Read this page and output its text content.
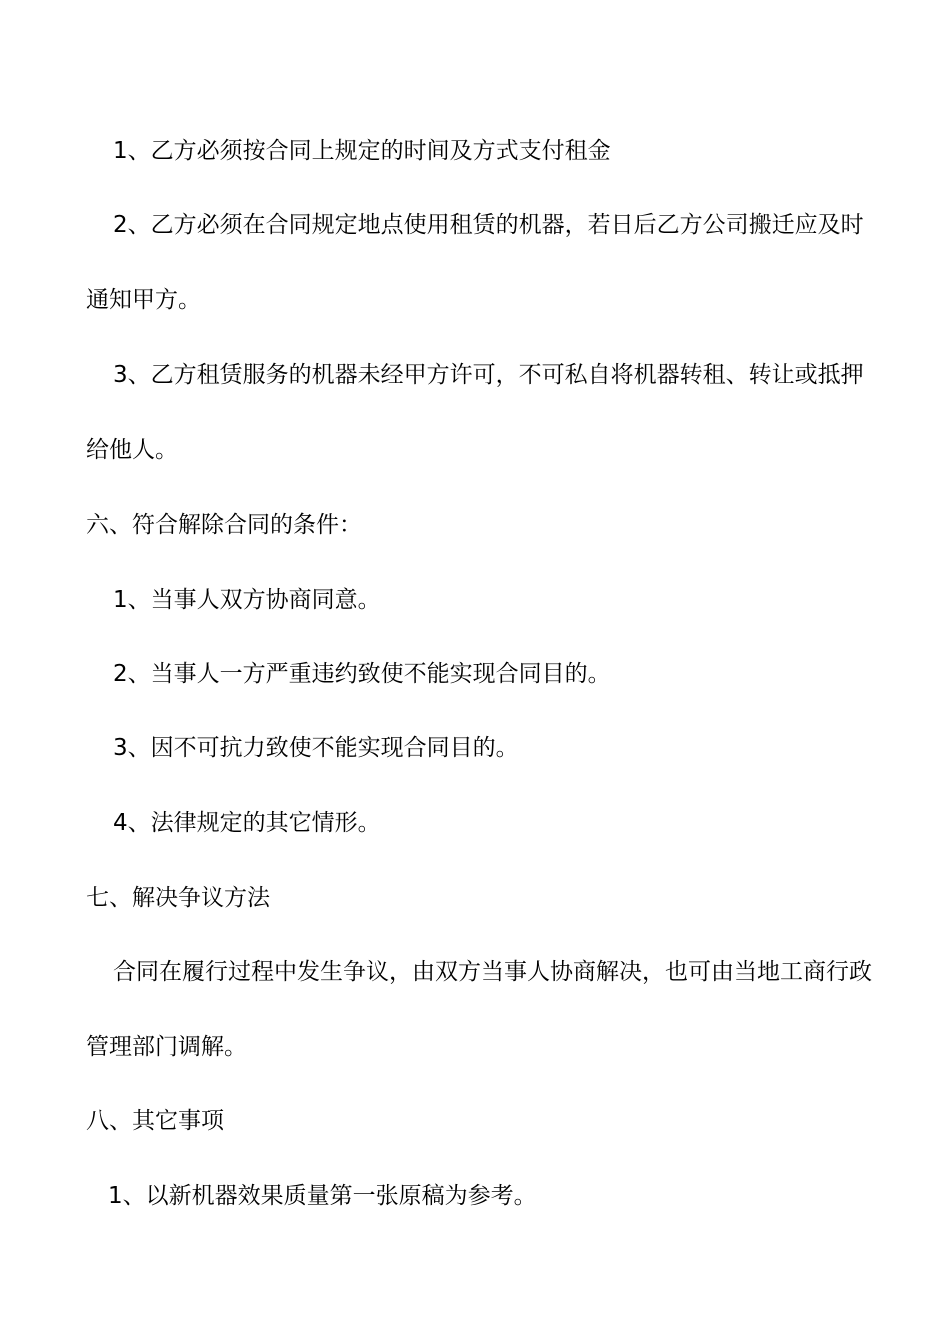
1、乙方必须按合同上规定的时间及方式支付租金
2、乙方必须在合同规定地点使用租赁的机器，若日后乙方公司搬迁应及时
通知甲方。
3、乙方租赁服务的机器未经甲方许可，不可私自将机器转租、转让或抵押
给他人。
六、符合解除合同的条件：
1、当事人双方协商同意。
2、当事人一方严重违约致使不能实现合同目的。
3、因不可抗力致使不能实现合同目的。
4、法律规定的其它情形。
七、解决争议方法
合同在履行过程中发生争议，由双方当事人协商解决，也可由当地工商行政
管理部门调解。
八、其它事项
1、以新机器效果质量第一张原稿为参考。
